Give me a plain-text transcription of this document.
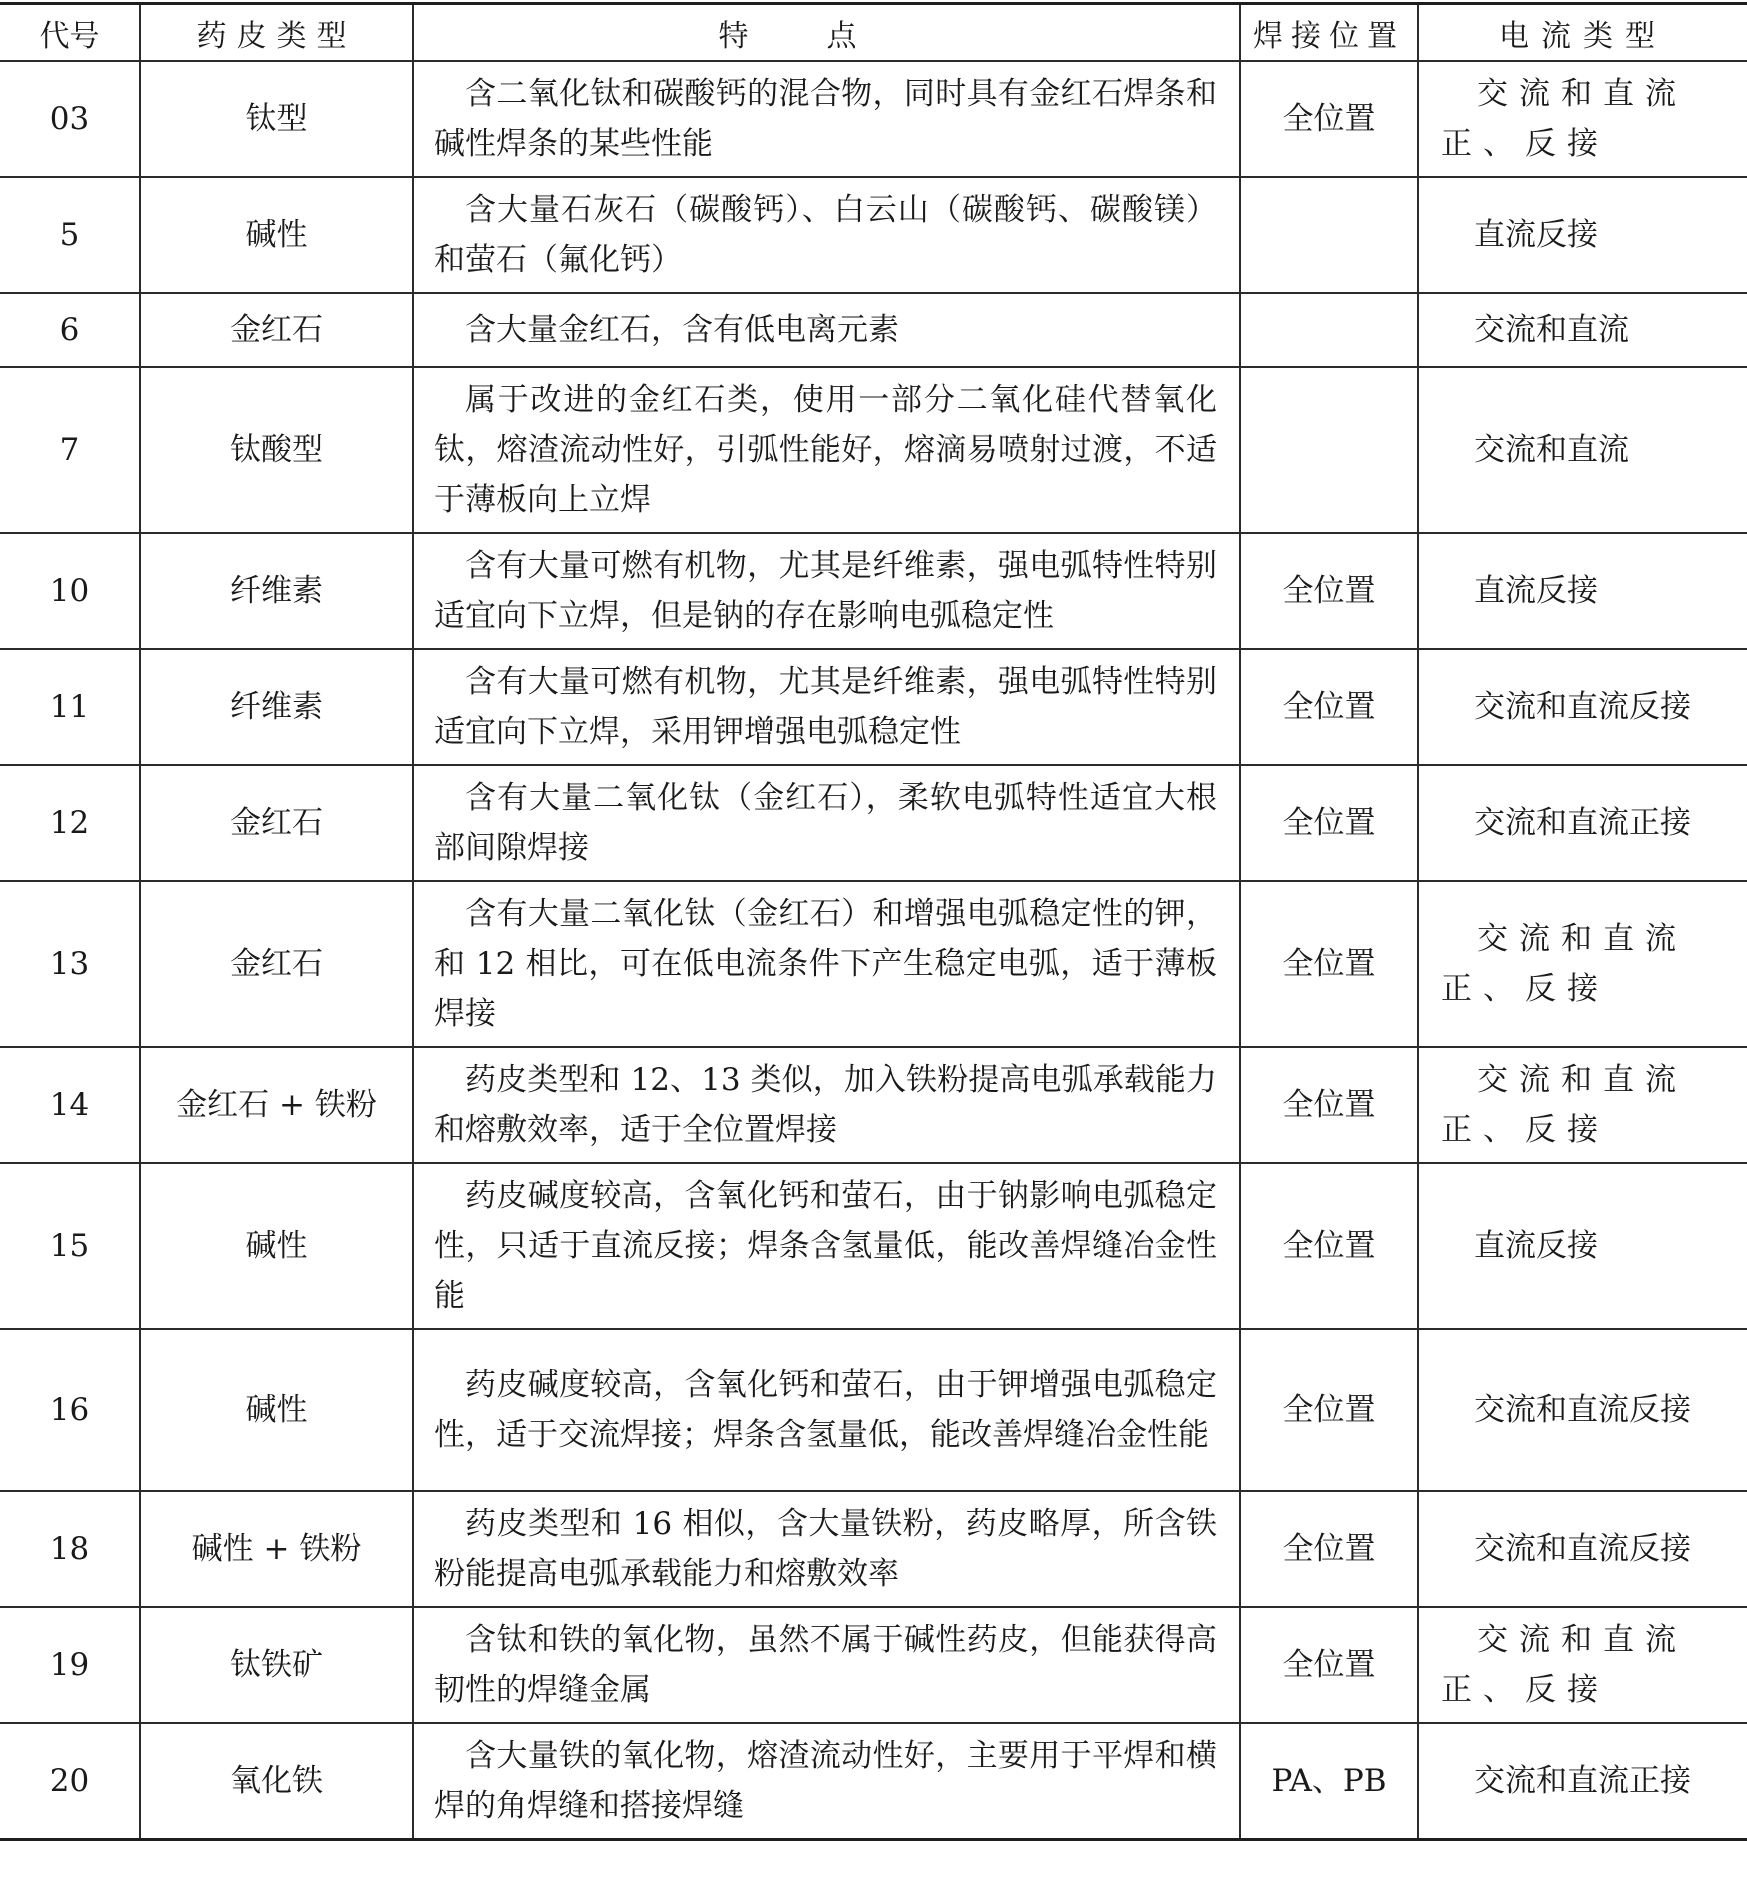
代号	药皮类型	特点	焊接位置	电流类型
03	钛型	含二氧化钛和碳酸钙的混合物，同时具有金红石焊条和碱性焊条的某些性能	全位置	交流和直流正、反接

5	碱性	含大量石灰石（碳酸钙）、白云山（碳酸钙、碳酸镁）和萤石（氟化钙）		直流反接

6	金红石	含大量金红石，含有低电离元素		交流和直流

7	钛酸型	属于改进的金红石类，使用一部分二氧化硅代替氧化钛，熔渣流动性好，引弧性能好，熔滴易喷射过渡，不适于薄板向上立焊		交流和直流

10	纤维素	含有大量可燃有机物，尤其是纤维素，强电弧特性特别适宜向下立焊，但是钠的存在影响电弧稳定性	全位置	直流反接

11	纤维素	含有大量可燃有机物，尤其是纤维素，强电弧特性特别适宜向下立焊，采用钾增强电弧稳定性	全位置	交流和直流反接

12	金红石	含有大量二氧化钛（金红石），柔软电弧特性适宜大根部间隙焊接	全位置	交流和直流正接

13	金红石	含有大量二氧化钛（金红石）和增强电弧稳定性的钾，和 12 相比，可在低电流条件下产生稳定电弧，适于薄板焊接	全位置	交流和直流正、反接

14	金红石 + 铁粉	药皮类型和 12、13 类似，加入铁粉提高电弧承载能力和熔敷效率，适于全位置焊接	全位置	交流和直流正、反接

15	碱性	药皮碱度较高，含氧化钙和萤石，由于钠影响电弧稳定性，只适于直流反接；焊条含氢量低，能改善焊缝冶金性能	全位置	直流反接

16	碱性	药皮碱度较高，含氧化钙和萤石，由于钾增强电弧稳定性，适于交流焊接；焊条含氢量低，能改善焊缝冶金性能	全位置	交流和直流反接

18	碱性 + 铁粉	药皮类型和 16 相似，含大量铁粉，药皮略厚，所含铁粉能提高电弧承载能力和熔敷效率	全位置	交流和直流反接

19	钛铁矿	含钛和铁的氧化物，虽然不属于碱性药皮，但能获得高韧性的焊缝金属	全位置	交流和直流正、反接

20	氧化铁	含大量铁的氧化物，熔渣流动性好，主要用于平焊和横焊的角焊缝和搭接焊缝	PA、PB	交流和直流正接
